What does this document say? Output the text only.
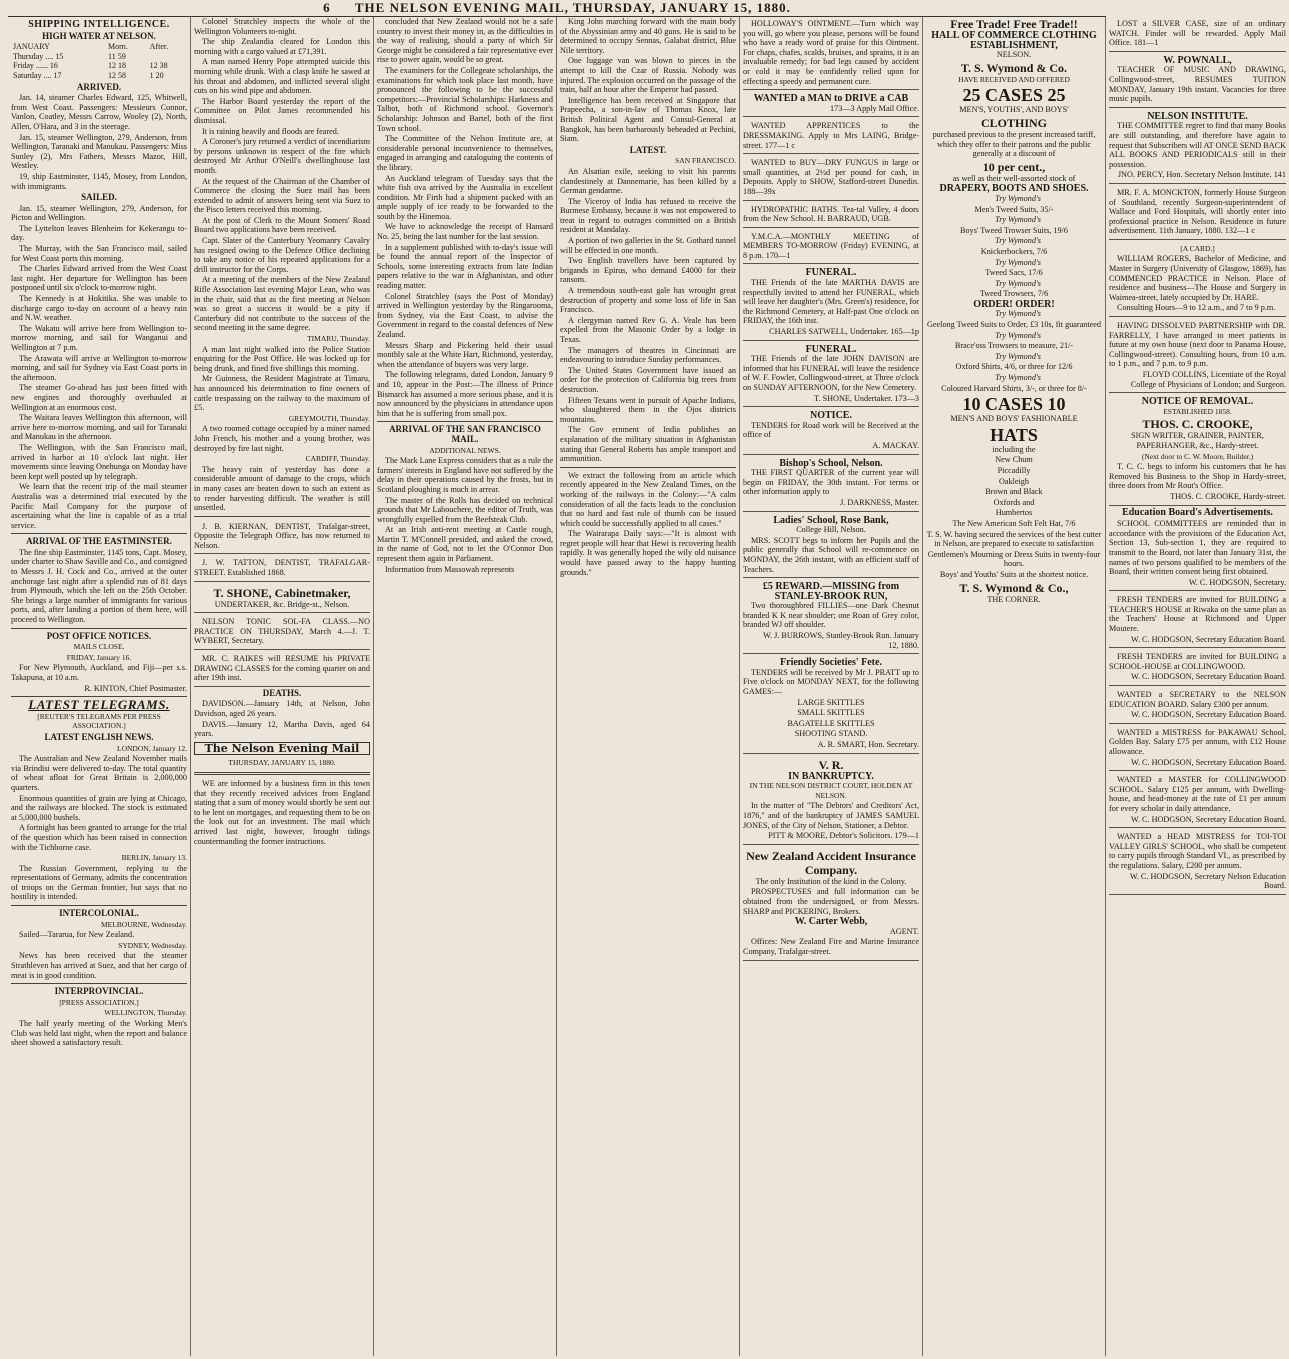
6 THE NELSON EVENING MAIL, THURSDAY, JANUARY 15, 1880.
SHIPPING INTELLIGENCE.
HIGH WATER AT NELSON.
JANUARY	Morn.	After.
Thursday .... 15	11 59	
Friday ...... 16	12 18	12 38
Saturday .... 17	12 58	1 20
ARRIVED.

Jan. 14, steamer Charles Edward, 125, Whitwell, from West Coast. Passengers: Messieurs Connor, Vanlon, Coatley, Messrs Carrow, Wooley (2), North, Allen, O'Hara, and 3 in the steerage.

Jan. 15, steamer Wellington, 279, Anderson, from Wellington, Taranaki and Manukau. Passengers: Miss Sunley (2), Mrs Fathers, Messrs Mazor, Hill, Westley.

19, ship Eastminster, 1145, Mosey, from London, with immigrants.

SAILED.

Jan. 15, steamer Wellington, 279, Anderson, for Picton and Wellington.

The Lyttelton leaves Blenheim for Kekerangu to-day.

The Murray, with the San Francisco mail, sailed for West Coast ports this morning.

The Charles Edward arrived from the West Coast last night. Her departure for Wellington has been postponed until six o'clock to-morrow night.

The Kennedy is at Hokitika. She was unable to discharge cargo to-day on account of a heavy rain and N.W. weather.

The Wakatu will arrive here from Wellington to-morrow morning, and sail for Wanganui and Wellington at 7 p.m.

The Arawata will arrive at Wellington to-morrow morning, and sail for Sydney via East Coast ports in the afternoon.

The steamer Go-ahead has just been fitted with new engines and thoroughly overhauled at Wellington at an enormous cost.

The Waitara leaves Wellington this afternoon, will arrive here to-morrow morning, and sail for Taranaki and Manukau in the afternoon.

The Wellington, with the San Francisco mail, arrived in harbor at 10 o'clock last night. Her movements since leaving Onehunga on Monday have been kept well posted up by telegraph.

We learn that the recent trip of the mail steamer Australia was a determined trial executed by the Pacific Mail Company for the purpose of ascertaining what the line is capable of as a trial service.

ARRIVAL OF THE EASTMINSTER.

The fine ship Eastminster, 1145 tons, Capt. Mosey, under charter to Shaw Saville and Co., and consigned to Messrs J. H. Cock and Co., arrived at the outer anchorage last night after a splendid run of 81 days from Plymouth, which she left on the 25th October. She brings a large number of immigrants for various ports, and, after landing a portion of them here, will proceed to Wellington.

POST OFFICE NOTICES.

MAILS CLOSE.

FRIDAY, January 16.

For New Plymouth, Auckland, and Fiji—per s.s. Takapuna, at 10 a.m.

R. KINTON, Chief Postmaster.

LATEST TELEGRAMS.

[REUTER'S TELEGRAMS PER PRESS ASSOCIATION.]

LATEST ENGLISH NEWS.

LONDON, January 12.

The Australian and New Zealand November mails via Brindisi were delivered to-day. The total quantity of wheat afloat for Great Britain is 2,000,000 quarters.

Enormous quantities of grain are lying at Chicago, and the railways are blocked. The stock is estimated at 5,000,000 bushels.

A fortnight has been granted to arrange for the trial of the question which has been raised in connection with the Tichborne case.

BERLIN, January 13.

The Russian Government, replying to the representations of Germany, admits the concentration of troops on the German frontier, but says that no hostility is intended.

INTERCOLONIAL.

MELBOURNE, Wednesday.

Sailed—Tararua, for New Zealand.

SYDNEY, Wednesday.

News has been received that the steamer Strathleven has arrived at Suez, and that her cargo of meat is in good condition.

INTERPROVINCIAL.

[PRESS ASSOCIATION.]

WELLINGTON, Thursday.

The half yearly meeting of the Working Men's Club was held last night, when the report and balance sheet showed a satisfactory result.

Colonel Stratchley inspects the whole of the Wellington Volunteers to-night.

The ship Zealandia cleared for London this morning with a cargo valued at £71,391.

A man named Henry Pope attempted suicide this morning while drunk. With a clasp knife he sawed at his throat and abdomen, and inflicted several slight cuts on his wind pipe and abdomen.

The Harbor Board yesterday the report of the Committee on Pilot James recommended his dismissal.

It is raining heavily and floods are feared.

A Coroner's jury returned a verdict of incendiarism by persons unknown in respect of the fire which destroyed Mr Arthur O'Neill's dwellinghouse last month.

At the request of the Chairman of the Chamber of Commerce the closing the Suez mail has been extended to admit of answers being sent via Suez to the Pisco letters received this morning.

At the post of Clerk to the Mount Somers' Road Board two applications have been received.

Capt. Slater of the Canterbury Yeomanry Cavalry has resigned owing to the Defence Office declining to take any notice of his repeated applications for a drill instructor for the Corps.

At a meeting of the members of the New Zealand Rifle Association last evening Major Lean, who was in the chair, said that as the first meeting at Nelson was so great a success it would be a pity if Canterbury did not contribute to the success of the second meeting in the same degree.

TIMARU, Thursday.

A man last night walked into the Police Station enquiring for the Post Office. He was locked up for being drunk, and fined five shillings this morning.

Mr Guinness, the Resident Magistrate at Timaru, has announced his determination to fine owners of cattle trespassing on the railway to the maximum of £5.

GREYMOUTH, Thursday.

A two roomed cottage occupied by a miner named John French, his mother and a young brother, was destroyed by fire last night.

CARDIFF, Thursday.

The heavy rain of yesterday has done a considerable amount of damage to the crops, which in many cases are beaten down to such an extent as to render harvesting difficult. The weather is still unsettled.

J. B. KIERNAN, DENTIST, Trafalgar-street, Opposite the Telegraph Office, has now returned to Nelson.

J. W. TATTON, DENTIST, TRAFALGAR-STREET. Established 1868.

T. SHONE, Cabinetmaker,

UNDERTAKER, &c. Bridge-st., Nelson.

NELSON TONIC SOL-FA CLASS.—NO PRACTICE ON THURSDAY, March 4.—J. T. WYBERT, Secretary.

MR. C. RAIKES will RESUME his PRIVATE DRAWING CLASSES for the coming quarter on and after 19th inst.

DEATHS.

DAVIDSON.—January 14th, at Nelson, John Davidson, aged 26 years.

DAVIS.—January 12, Martha Davis, aged 64 years.

The Nelson Evening Mail

THURSDAY, JANUARY 15, 1880.

WE are informed by a business firm in this town that they recently received advices from England stating that a sum of money would shortly be sent out to be lent on mortgages, and requesting them to be on the look out for an investment. The mail which arrived last night, however, brought tidings countermanding the former instructions.

concluded that New Zealand would not be a safe country to invest their money in, as the difficulties in the way of realising, should a party of which Sir George might be considered a fair representative ever rise to power again, would be so great.

The examiners for the Collegeate scholarships, the examinations for which took place last month, have pronounced the following to be the successful competitors:—Provincial Scholarships: Harkness and Talbot, both of Richmond school. Governor's Scholarship: Johnson and Bartel, both of the first Town school.

The Committee of the Nelson Institute are, at considerable personal inconvenience to themselves, engaged in arranging and cataloguing the contents of the library.

An Auckland telegram of Tuesday says that the white fish ova arrived by the Australia in excellent condition. Mr Firth had a shipment packed with an ample supply of ice ready to be forwarded to the south by the Hinemoa.

We have to acknowledge the receipt of Hansard No. 25, being the last number for the last session.

In a supplement published with to-day's issue will be found the annual report of the Inspector of Schools, some interesting extracts from late Indian papers relative to the war in Afghanistan, and other reading matter.

Colonel Stratchley (says the Post of Monday) arrived in Wellington yesterday by the Ringarooma, from Sydney, via the East Coast, to advise the Government in regard to the coastal defences of New Zealand.

Messrs Sharp and Pickering held their usual monthly sale at the White Hart, Richmond, yesterday, when the attendance of buyers was very large.

The following telegrams, dated London, January 9 and 10, appear in the Post:—The illness of Prince Bismarck has assumed a more serious phase, and it is now announced by the physicians in attendance upon him that he is suffering from small pox.

ARRIVAL OF THE SAN FRANCISCO MAIL.

ADDITIONAL NEWS.

The Mark Lane Express considers that as a rule the farmers' interests in England have not suffered by the delay in their operations caused by the frosts, but in Scotland ploughing is much in arrear.

The master of the Rolls has decided on technical grounds that Mr Labouchere, the editor of Truth, was wrongfully expelled from the Beefsteak Club.

At an Irish anti-rent meeting at Castle rough, Martin T. M'Connell presided, and asked the crowd, in the name of God, not to let the O'Connor Don represent them again in Parliament.

Information from Massowah represents

King John marching forward with the main body of the Abyssinian army and 40 guns. He is said to be determined to occupy Sennas, Galabat district, Blue Nile territory.

One luggage van was blown to pieces in the attempt to kill the Czar of Russia. Nobody was injured. The explosion occurred on the passage of the train, half an hour after the Emperor had passed.

Intelligence has been received at Singapore that Prapeecha, a son-in-law of Thomas Knox, late British Political Agent and Consul-General at Bangkok, has been barbarously beheaded at Pechini, Siam.

LATEST.

SAN FRANCISCO.

An Alsatian exile, seeking to visit his parents clandestinely at Dannemarie, has been killed by a German gendarme.

The Viceroy of India has refused to receive the Burmese Embassy, because it was not empowered to treat in regard to outrages committed on a British resident at Mandalay.

A portion of two galleries in the St. Gothard tunnel will be effected in one month.

Two English travellers have been captured by brigands in Epirus, who demand £4000 for their ransom.

A tremendous south-east gale has wrought great destruction of property and some loss of life in San Francisco.

A clergyman named Rev G. A. Veale has been expelled from the Masonic Order by a lodge in Texas.

The managers of theatres in Cincinnati are endeavouring to introduce Sunday performances.

The United States Government have issued an order for the protection of California big trees from destruction.

Fifteen Texans went in pursuit of Apache Indians, who slaughtered them in the Ojos districts mountains.

The Gov ernment of India publishes an explanation of the military situation in Afghanistan stating that General Roberts has ample transport and ammunition.

We extract the following from an article which recently appeared in the New Zealand Times, on the working of the railways in the Colony:—"A calm consideration of all the facts leads to the conclusion that no hard and fast rule of thumb can be issued which could be successfully applied to all cases."

The Wairarapa Daily says:—"It is almost with regret people will hear that Hewi is recovering health rapidly. It was generally hoped the wily old nuisance would have passed away to the happy hunting grounds."

HOLLOWAY'S OINTMENT.—Turn which way you will, go where you please, persons will be found who have a ready word of praise for this Ointment. For chaps, chafes, scalds, bruises, and sprains, it is an invaluable remedy; for bad legs caused by accident or cold it may be confidently relied upon for effecting a speedy and permanent cure.

WANTED a MAN to DRIVE a CAB

173—3 Apply Mail Office.

WANTED APPRENTICES to the DRESSMAKING. Apply to Mrs LAING, Bridge-street. 177—1 c

WANTED to BUY—DRY FUNGUS in large or small quantities, at 2½d per pound for cash, in Deposits. Apply to SHOW, Stafford-street Dunedin. 188—39x

HYDROPATHIC BATHS. Tea-tal Valley, 4 doors from the New School. H. BARRAUD, UGB.

Y.M.C.A.—MONTHLY MEETING of MEMBERS TO-MORROW (Friday) EVENING, at 8 p.m. 170—1

FUNERAL.

THE Friends of the late MARTHA DAVIS are respectfully invited to attend her FUNERAL, which will leave her daughter's (Mrs. Green's) residence, for the Richmond Cemetery, at Half-past One o'clock on FRIDAY, the 16th inst.

CHARLES SATWELL, Undertaker. 165—1p

FUNERAL.

THE Friends of the late JOHN DAVISON are informed that his FUNERAL will leave the residence of W. F. Fowler, Collingwood-street, at Three o'clock on SUNDAY AFTERNOON, for the New Cemetery.

T. SHONE, Undertaker. 173—3

NOTICE.

TENDERS for Road work will be Received at the office of

A. MACKAY.

Bishop's School, Nelson.

THE FIRST QUARTER of the current year will begin on FRIDAY, the 30th instant. For terms or other information apply to

J. DARKNESS, Master.

Ladies' School, Rose Bank,

College Hill, Nelson.

MRS. SCOTT begs to inform her Pupils and the public generally that School will re-commence on MONDAY, the 26th instant, with an efficient staff of Teachers.

£5 REWARD.—MISSING from STANLEY-BROOK RUN,

Two thoroughbred FILLIES—one Dark Chesnut branded K K near shoulder; one Roan of Grey color, branded WJ off shoulder.

W. J. BURROWS, Stanley-Brook Run. January 12, 1880.

Friendly Societies' Fete.

TENDERS will be received by Mr J. PRATT up to Five o'clock on MONDAY NEXT, for the following GAMES:—

LARGE SKITTLES

SMALL SKITTLES

BAGATELLE SKITTLES

SHOOTING STAND.

A. R. SMART, Hon. Secretary.

V. R.
IN BANKRUPTCY.

IN THE NELSON DISTRICT COURT, HOLDEN AT NELSON.

In the matter of "The Debtors' and Creditors' Act, 1876," and of the bankruptcy of JAMES SAMUEL JONES, of the City of Nelson, Stationer, a Debtor.

PITT & MOORE, Debtor's Solicitors. 179—1

New Zealand Accident Insurance Company.

The only Institution of the kind in the Colony.

PROSPECTUSES and full information can be obtained from the undersigned, or from Messrs. SHARP and PICKERING, Brokers.

W. Carter Webb,

AGENT.

Offices: New Zealand Fire and Marine Insurance Company, Trafalgar-street.

Free Trade! Free Trade!!
HALL OF COMMERCE CLOTHING ESTABLISHMENT,

NELSON.

T. S. Wymond & Co.

HAVE RECEIVED AND OFFERED

25 CASES 25

MEN'S, YOUTHS', AND BOYS'

CLOTHING

purchased previous to the present increased tariff, which they offer to their patrons and the public generally at a discount of

10 per cent.,

as well as their well-assorted stock of

DRAPERY, BOOTS AND SHOES.

Try Wymond's

Men's Tweed Suits, 35/-

Try Wymond's

Boys' Tweed Trowser Suits, 19/6

Try Wymond's

Knickerbockers, 7/6

Try Wymond's

Tweed Sacs, 17/6

Try Wymond's

Tweed Trowsers, 7/6

ORDER! ORDER!

Try Wymond's

Geelong Tweed Suits to Order, £3 10s, fit guaranteed

Try Wymond's

Brace'oss Trowsers to measure, 21/-

Try Wymond's

Oxford Shirts, 4/6, or three for 12/6

Try Wymond's

Coloured Harvard Shirts, 3/-, or three for 8/-

10 CASES 10

MEN'S AND BOYS' FASHIONABLE

HATS

including the

New Chum

Piccadilly

Oakleigh

Brown and Black

Oxfords and

Humbertos

The New American Soft Felt Hat, 7/6

T. S. W. having secured the services of the best cutter in Nelson, are prepared to execute to satisfaction

Gentlemen's Mourning or Dress Suits in twenty-four hours.

Boys' and Youths' Suits at the shortest notice.

T. S. Wymond & Co.,

THE CORNER.

LOST a SILVER CASE, size of an ordinary WATCH. Finder will be rewarded. Apply Mail Office. 181—1

W. POWNALL,

TEACHER OF MUSIC AND DRAWING, Collingwood-street, RESUMES TUITION MONDAY, January 19th instant. Vacancies for three music pupils.

NELSON INSTITUTE.

THE COMMITTEE regret to find that many Books are still outstanding, and therefore have again to request that Subscribers will AT ONCE SEND BACK ALL BOOKS AND PERIODICALS still in their possession.

JNO. PERCY, Hon. Secretary Nelson Institute. 141

MR. F. A. MONCKTON, formerly House Surgeon of Southland, recently Surgeon-superintendent of Wallace and Ford Hospitals, will shortly enter into professional practice in Nelson. Residence in future advertisement. 11th January, 1880. 132—1 c

[A CARD.]

WILLIAM ROGERS, Bachelor of Medicine, and Master in Surgery (University of Glasgow, 1869), has COMMENCED PRACTICE in Nelson. Place of residence and business—The House and Surgery in Waimea-street, lately occupied by Dr. HARE.

Consulting Hours—9 to 12 a.m., and 7 to 9 p.m.

HAVING DISSOLVED PARTNERSHIP with DR. FARRELLY, I have arranged to meet patients in future at my own house (next door to Panama House, Collingwood-street). Consulting hours, from 10 a.m. to 1 p.m., and 7 p.m. to 9 p.m.

FLOYD COLLINS, Licentiate of the Royal College of Physicians of London; and Surgeon.

NOTICE OF REMOVAL.

ESTABLISHED 1858.

THOS. C. CROOKE,

SIGN WRITER, GRAINER, PAINTER, PAPERHANGER, &c., Hardy-street.

(Next door to C. W. Moore, Builder.)

T. C. C. begs to inform his customers that he has Removed his Business to the Shop in Hardy-street, three doors from Mr Rout's Office.

THOS. C. CROOKE, Hardy-street.

Education Board's Advertisements.

SCHOOL COMMITTEES are reminded that in accordance with the provisions of the Education Act, Section 13, Sub-section 1, they are required to transmit to the Board, not later than January 31st, the names of two persons qualified to be members of the Board, their written consent being first obtained.

W. C. HODGSON, Secretary.

FRESH TENDERS are invited for BUILDING a TEACHER'S HOUSE at Riwaka on the same plan as the Teachers' House at Richmond and Upper Moutere.

W. C. HODGSON, Secretary Education Board.

FRESH TENDERS are invited for BUILDING a SCHOOL-HOUSE at COLLINGWOOD.

W. C. HODGSON, Secretary Education Board.

WANTED a SECRETARY to the NELSON EDUCATION BOARD. Salary £300 per annum.

W. C. HODGSON, Secretary Education Board.

WANTED a MISTRESS for PAKAWAU School, Golden Bay. Salary £75 per annum, with £12 House allowance.

W. C. HODGSON, Secretary Education Board.

WANTED a MASTER for COLLINGWOOD SCHOOL. Salary £125 per annum, with Dwelling-house, and head-money at the rate of £1 per annum for every scholar in daily attendance.

W. C. HODGSON, Secretary Education Board.

WANTED a HEAD MISTRESS for TOI-TOI VALLEY GIRLS' SCHOOL, who shall be competent to carry pupils through Standard VI., as prescribed by the regulations. Salary, £200 per annum.

W. C. HODGSON, Secretary Nelson Education Board.
